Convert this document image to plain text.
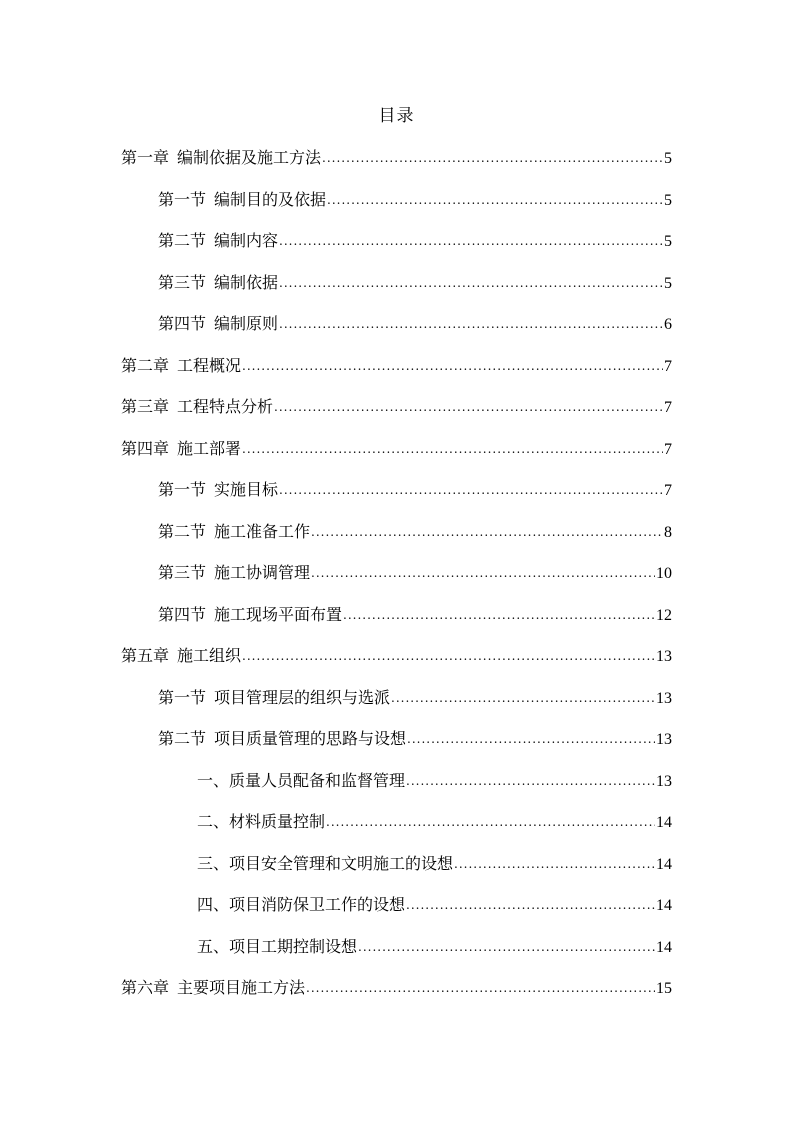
目录
第一章 编制依据及施工方法 .....	5
第一节 编制目的及依据 .....	5
第二节 编制内容 .....	5
第三节 编制依据 .....	5
第四节 编制原则 .....	6
第二章 工程概况 .....	7
第三章 工程特点分析 .....	7
第四章 施工部署 .....	7
第一节 实施目标 .....	7
第二节 施工准备工作 .....	8
第三节 施工协调管理 .....	10
第四节 施工现场平面布置 .....	12
第五章 施工组织 .....	13
第一节 项目管理层的组织与选派 .....	13
第二节 项目质量管理的思路与设想 .....	13
一、质量人员配备和监督管理 .....	13
二、材料质量控制 .....	14
三、项目安全管理和文明施工的设想 .....	14
四、项目消防保卫工作的设想 .....	14
五、项目工期控制设想 .....	14
第六章 主要项目施工方法 .....	15
